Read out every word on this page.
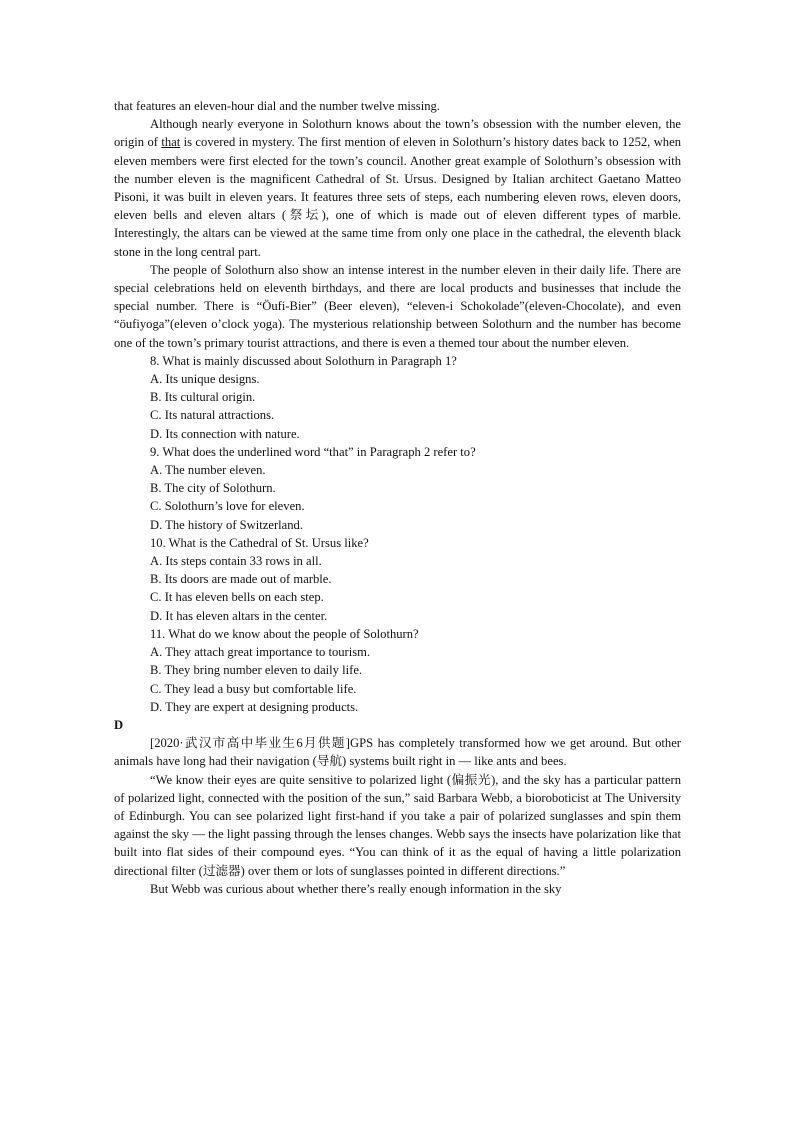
that features an eleven-hour dial and the number twelve missing.

Although nearly everyone in Solothurn knows about the town’s obsession with the number eleven, the origin of that is covered in mystery. The first mention of eleven in Solothurn’s history dates back to 1252, when eleven members were first elected for the town’s council. Another great example of Solothurn’s obsession with the number eleven is the magnificent Cathedral of St. Ursus. Designed by Italian architect Gaetano Matteo Pisoni, it was built in eleven years. It features three sets of steps, each numbering eleven rows, eleven doors, eleven bells and eleven altars (祭坛), one of which is made out of eleven different types of marble. Interestingly, the altars can be viewed at the same time from only one place in the cathedral, the eleventh black stone in the long central part.

The people of Solothurn also show an intense interest in the number eleven in their daily life. There are special celebrations held on eleventh birthdays, and there are local products and businesses that include the special number. There is “Öufi-Bier” (Beer eleven), “eleven-i Schokolade”(eleven-Chocolate), and even “öufiyoga”(eleven o’clock yoga). The mysterious relationship between Solothurn and the number has become one of the town’s primary tourist attractions, and there is even a themed tour about the number eleven.

8. What is mainly discussed about Solothurn in Paragraph 1?

A. Its unique designs.

B. Its cultural origin.

C. Its natural attractions.

D. Its connection with nature.

9. What does the underlined word “that” in Paragraph 2 refer to?

A. The number eleven.

B. The city of Solothurn.

C. Solothurn’s love for eleven.

D. The history of Switzerland.

10. What is the Cathedral of St. Ursus like?

A. Its steps contain 33 rows in all.

B. Its doors are made out of marble.

C. It has eleven bells on each step.

D. It has eleven altars in the center.

11. What do we know about the people of Solothurn?

A. They attach great importance to tourism.

B. They bring number eleven to daily life.

C. They lead a busy but comfortable life.

D. They are expert at designing products.

D

[2020·武汉市高中毕业生6月供题]GPS has completely transformed how we get around. But other animals have long had their navigation (导航) systems built right in — like ants and bees.

“We know their eyes are quite sensitive to polarized light (偏振光), and the sky has a particular pattern of polarized light, connected with the position of the sun,” said Barbara Webb, a bioroboticist at The University of Edinburgh. You can see polarized light first-hand if you take a pair of polarized sunglasses and spin them against the sky — the light passing through the lenses changes. Webb says the insects have polarization like that built into flat sides of their compound eyes. “You can think of it as the equal of having a little polarization directional filter (过滤器) over them or lots of sunglasses pointed in different directions.”

But Webb was curious about whether there’s really enough information in the sky
